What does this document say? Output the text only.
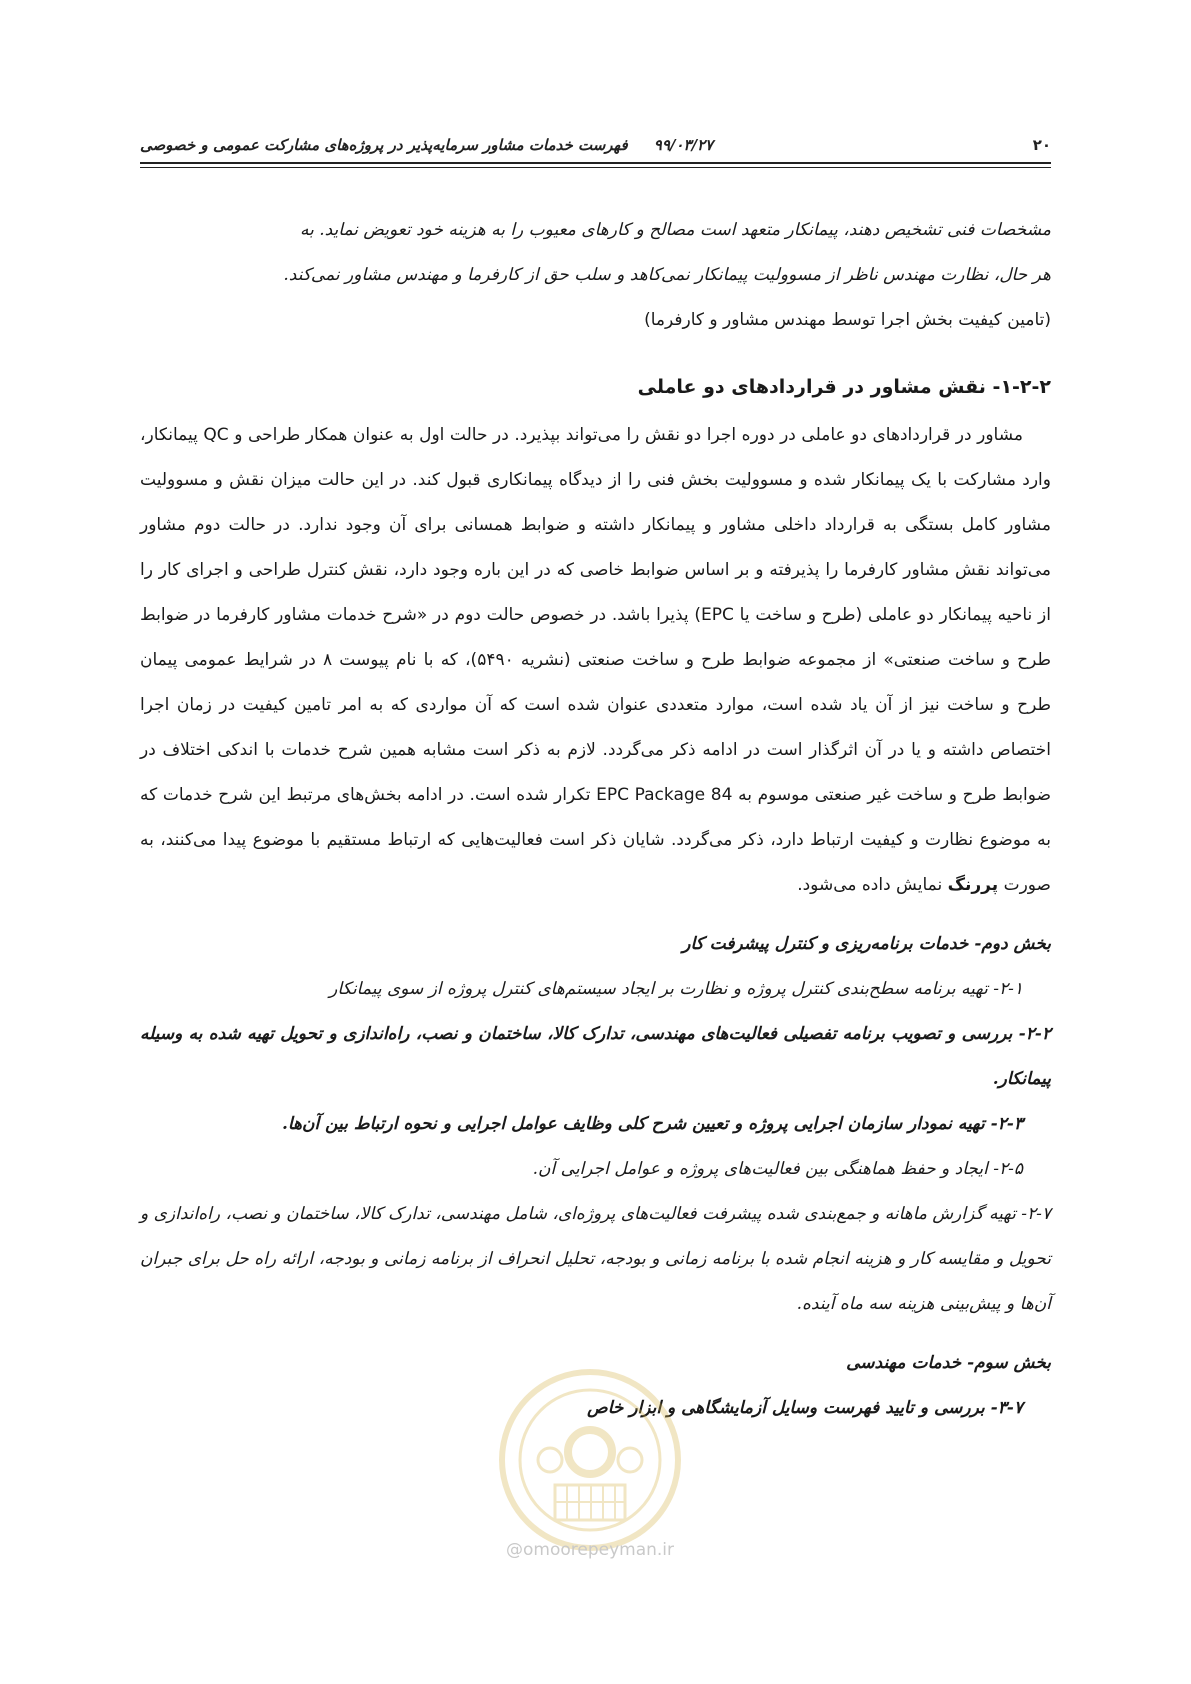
۲۰
۹۹/۰۳/۲۷     فهرست خدمات مشاور سرمایه‌پذیر در پروژه‌های مشارکت عمومی و خصوصی

مشخصات فنی تشخیص دهند، پیمانکار متعهد است مصالح و کارهای معیوب را به هزینه خود تعویض نماید. به

هر حال، نظارت مهندس ناظر از مسوولیت پیمانکار نمی‌کاهد و سلب حق از کارفرما و مهندس مشاور نمی‌کند.

(تامین کیفیت بخش اجرا توسط مهندس مشاور و کارفرما)

۱-۲-۲- نقش مشاور در قراردادهای دو عاملی

مشاور در قراردادهای دو عاملی در دوره اجرا دو نقش را می‌تواند بپذیرد. در حالت اول به عنوان همکار طراحی و QC پیمانکار، وارد مشارکت با یک پیمانکار شده و مسوولیت بخش فنی را از دیدگاه پیمانکاری قبول کند. در این حالت میزان نقش و مسوولیت مشاور کامل بستگی به قرارداد داخلی مشاور و پیمانکار داشته و ضوابط همسانی برای آن وجود ندارد. در حالت دوم مشاور می‌تواند نقش مشاور کارفرما را پذیرفته و بر اساس ضوابط خاصی که در این باره وجود دارد، نقش کنترل طراحی و اجرای کار را از ناحیه پیمانکار دو عاملی (طرح و ساخت یا EPC) پذیرا باشد. در خصوص حالت دوم در «شرح خدمات مشاور کارفرما در ضوابط طرح و ساخت صنعتی» از مجموعه ضوابط طرح و ساخت صنعتی (نشریه ۵۴۹۰)، که با نام پیوست ۸ در شرایط عمومی پیمان طرح و ساخت نیز از آن یاد شده است، موارد متعددی عنوان شده است که آن مواردی که به امر تامین کیفیت در زمان اجرا اختصاص داشته و یا در آن اثرگذار است در ادامه ذکر می‌گردد. لازم به ذکر است مشابه همین شرح خدمات با اندکی اختلاف در ضوابط طرح و ساخت غیر صنعتی موسوم به EPC Package 84 تکرار شده است. در ادامه بخش‌های مرتبط این شرح خدمات که به موضوع نظارت و کیفیت ارتباط دارد، ذکر می‌گردد. شایان ذکر است فعالیت‌هایی که ارتباط مستقیم با موضوع پیدا می‌کنند، به صورت پررنگ نمایش داده می‌شود.

بخش دوم- خدمات برنامه‌ریزی و کنترل پیشرفت کار

۲-۱- تهیه برنامه سطح‌بندی کنترل پروژه و نظارت بر ایجاد سیستم‌های کنترل پروژه از سوی پیمانکار

۲-۲- بررسی و تصویب برنامه تفصیلی فعالیت‌های مهندسی، تدارک کالا، ساختمان و نصب، راه‌اندازی و تحویل تهیه شده به وسیله پیمانکار.

۲-۳- تهیه نمودار سازمان اجرایی پروژه و تعیین شرح کلی وظایف عوامل اجرایی و نحوه ارتباط بین آن‌ها.

۲-۵- ایجاد و حفظ هماهنگی بین فعالیت‌های پروژه و عوامل اجرایی آن.

۲-۷- تهیه گزارش ماهانه و جمع‌بندی شده پیشرفت فعالیت‌های پروژه‌ای، شامل مهندسی، تدارک کالا، ساختمان و نصب، راه‌اندازی و تحویل و مقایسه کار و هزینه انجام شده با برنامه زمانی و بودجه، تحلیل انحراف از برنامه زمانی و بودجه، ارائه راه حل برای جبران آن‌ها و پیش‌بینی هزینه سه ماه آینده.

بخش سوم- خدمات مهندسی

۳-۷- بررسی و تایید فهرست وسایل آزمایشگاهی و ابزار خاص

@omoorepeyman.ir
